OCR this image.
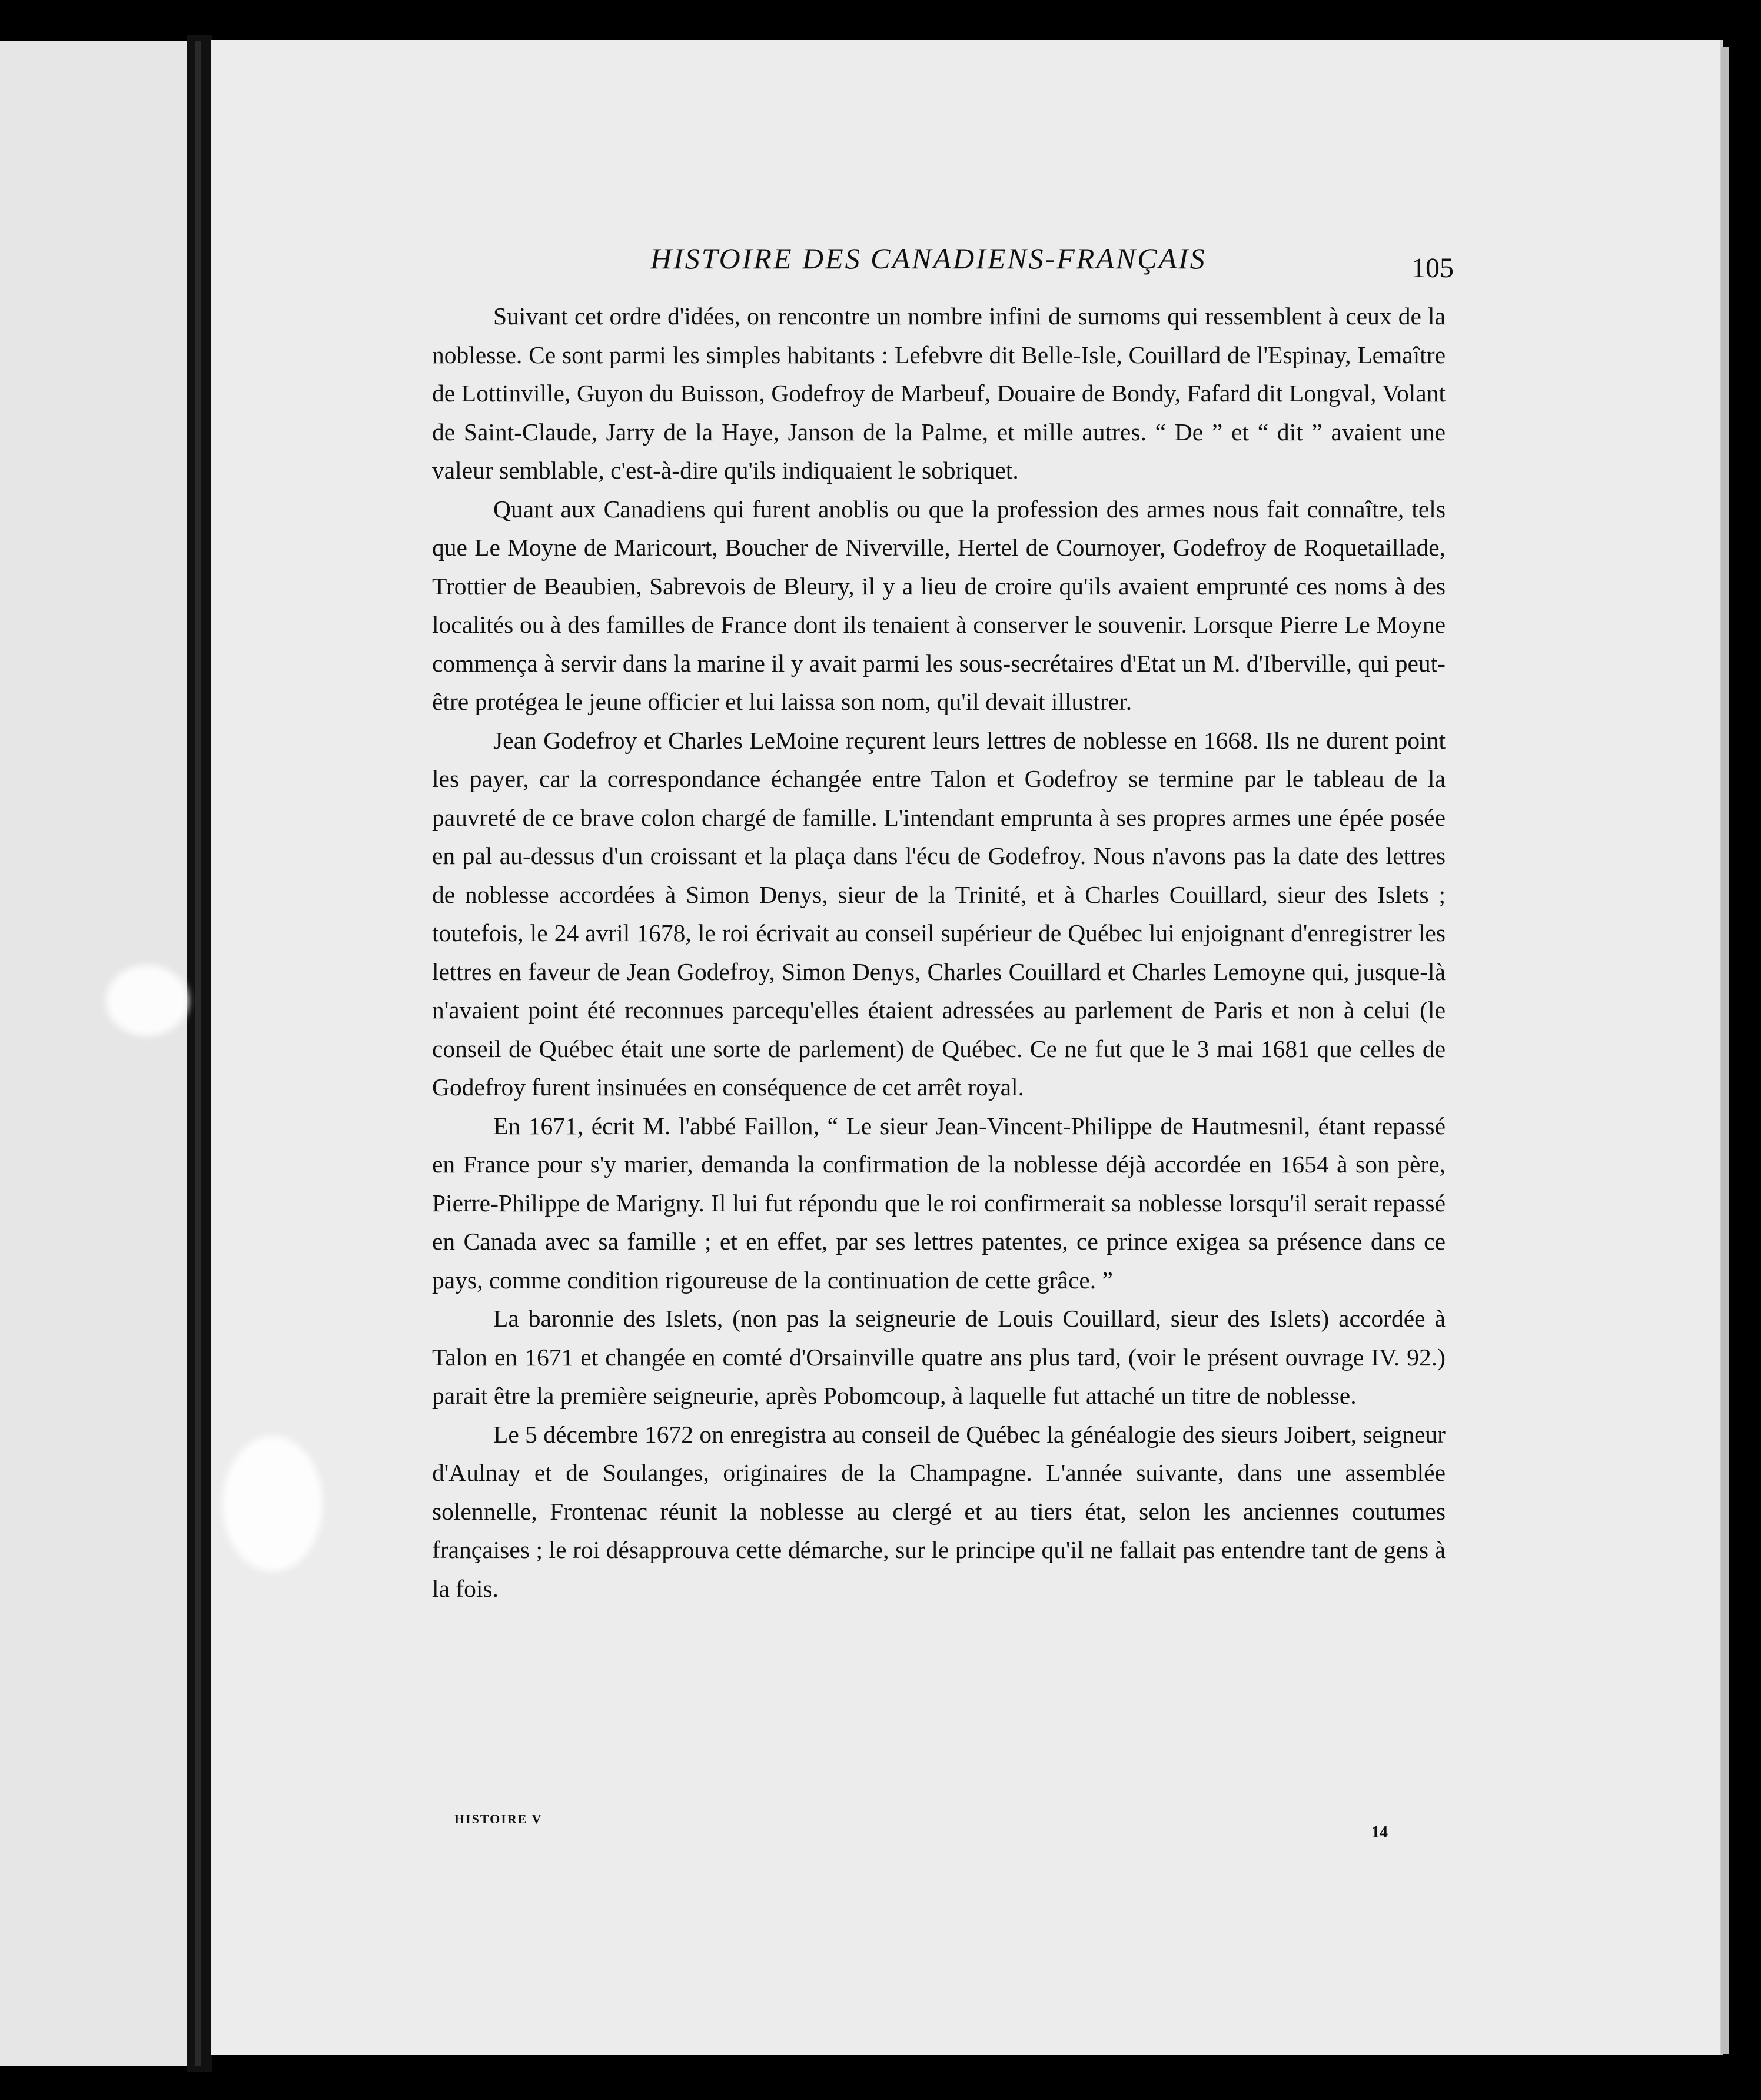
HISTOIRE DES CANADIENS-FRANÇAIS	105

Suivant cet ordre d'idées, on rencontre un nombre infini de surnoms qui ressemblent à ceux de la noblesse. Ce sont parmi les simples habitants : Lefebvre dit Belle-Isle, Couillard de l'Espinay, Lemaître de Lottinville, Guyon du Buisson, Godefroy de Marbeuf, Douaire de Bondy, Fafard dit Longval, Volant de Saint-Claude, Jarry de la Haye, Janson de la Palme, et mille autres. “ De ” et “ dit ” avaient une valeur semblable, c'est-à-dire qu'ils indiquaient le sobriquet.

Quant aux Canadiens qui furent anoblis ou que la profession des armes nous fait connaître, tels que Le Moyne de Maricourt, Boucher de Niverville, Hertel de Cournoyer, Godefroy de Roquetaillade, Trottier de Beaubien, Sabrevois de Bleury, il y a lieu de croire qu'ils avaient emprunté ces noms à des localités ou à des familles de France dont ils tenaient à conserver le souvenir. Lorsque Pierre Le Moyne commença à servir dans la marine il y avait parmi les sous-secrétaires d'Etat un M. d'Iberville, qui peut-être protégea le jeune officier et lui laissa son nom, qu'il devait illustrer.

Jean Godefroy et Charles LeMoine reçurent leurs lettres de noblesse en 1668. Ils ne durent point les payer, car la correspondance échangée entre Talon et Godefroy se termine par le tableau de la pauvreté de ce brave colon chargé de famille. L'intendant emprunta à ses propres armes une épée posée en pal au-dessus d'un croissant et la plaça dans l'écu de Godefroy. Nous n'avons pas la date des lettres de noblesse accordées à Simon Denys, sieur de la Trinité, et à Charles Couillard, sieur des Islets ; toutefois, le 24 avril 1678, le roi écrivait au conseil supérieur de Québec lui enjoignant d'enregistrer les lettres en faveur de Jean Godefroy, Simon Denys, Charles Couillard et Charles Lemoyne qui, jusque-là n'avaient point été reconnues parcequ'elles étaient adressées au parlement de Paris et non à celui (le conseil de Québec était une sorte de parlement) de Québec. Ce ne fut que le 3 mai 1681 que celles de Godefroy furent insinuées en conséquence de cet arrêt royal.

En 1671, écrit M. l'abbé Faillon, “ Le sieur Jean-Vincent-Philippe de Hautmesnil, étant repassé en France pour s'y marier, demanda la confirmation de la noblesse déjà accordée en 1654 à son père, Pierre-Philippe de Marigny. Il lui fut répondu que le roi confirmerait sa noblesse lorsqu'il serait repassé en Canada avec sa famille ; et en effet, par ses lettres patentes, ce prince exigea sa présence dans ce pays, comme condition rigoureuse de la continuation de cette grâce. ”

La baronnie des Islets, (non pas la seigneurie de Louis Couillard, sieur des Islets) accordée à Talon en 1671 et changée en comté d'Orsainville quatre ans plus tard, (voir le présent ouvrage IV. 92.) parait être la première seigneurie, après Pobomcoup, à laquelle fut attaché un titre de noblesse.

Le 5 décembre 1672 on enregistra au conseil de Québec la généalogie des sieurs Joibert, seigneur d'Aulnay et de Soulanges, originaires de la Champagne. L'année suivante, dans une assemblée solennelle, Frontenac réunit la noblesse au clergé et au tiers état, selon les anciennes coutumes françaises ; le roi désapprouva cette démarche, sur le principe qu'il ne fallait pas entendre tant de gens à la fois.

HISTOIRE V
14
